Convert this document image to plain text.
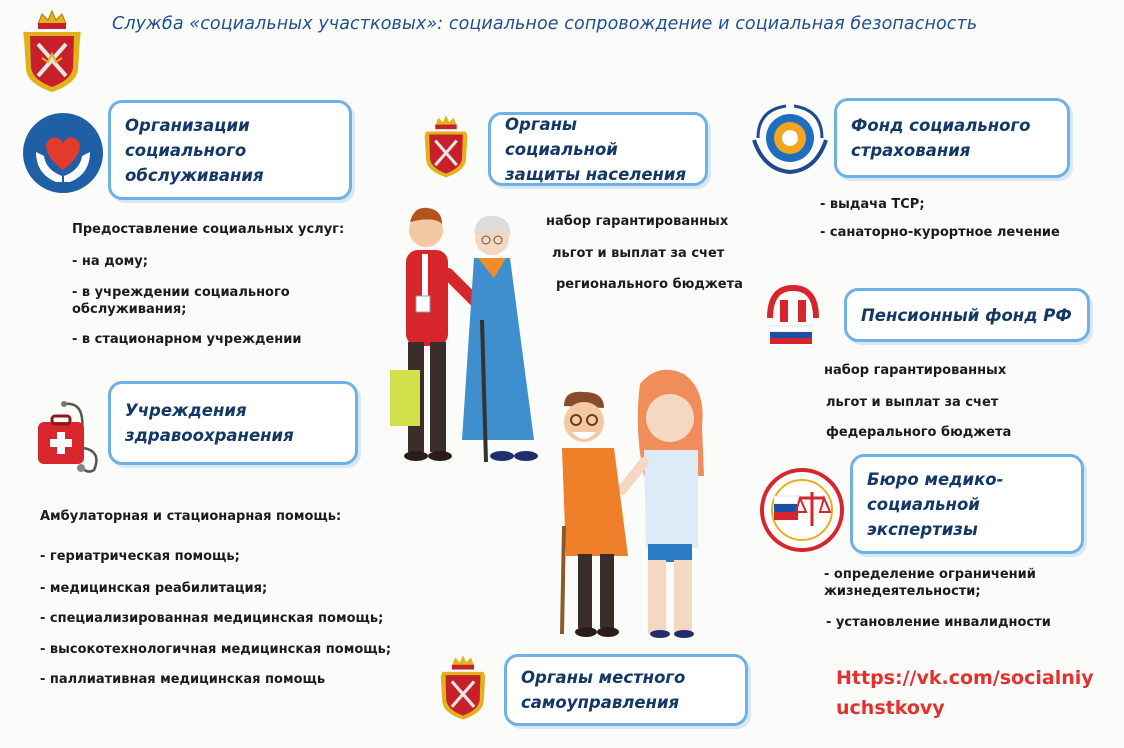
Служба «социальных участковых»: социальное сопровождение и социальная безопасность
Организации социального обслуживания
Предоставление социальных услуг:
- на дому;
- в учреждении социального обслуживания;
- в стационарном учреждении
Учреждения здравоохранения
Амбулаторная и стационарная помощь:
- гериатрическая помощь;
- медицинская реабилитация;
- специализированная медицинская помощь;
- высокотехнологичная медицинская помощь;
- паллиативная медицинская помощь
Органы социальной защиты населения
набор гарантированных
льгот и выплат за счет
регионального бюджета
Фонд социального страхования
- выдача ТСР;
- санаторно-курортное лечение
Пенсионный фонд РФ
набор гарантированных
льгот и выплат за счет
федерального бюджета
Бюро медико-социальной экспертизы
- определение ограничений жизнедеятельности;
- установление инвалидности
Органы местного самоуправления
Https://vk.com/socialniy
uchstkovy
